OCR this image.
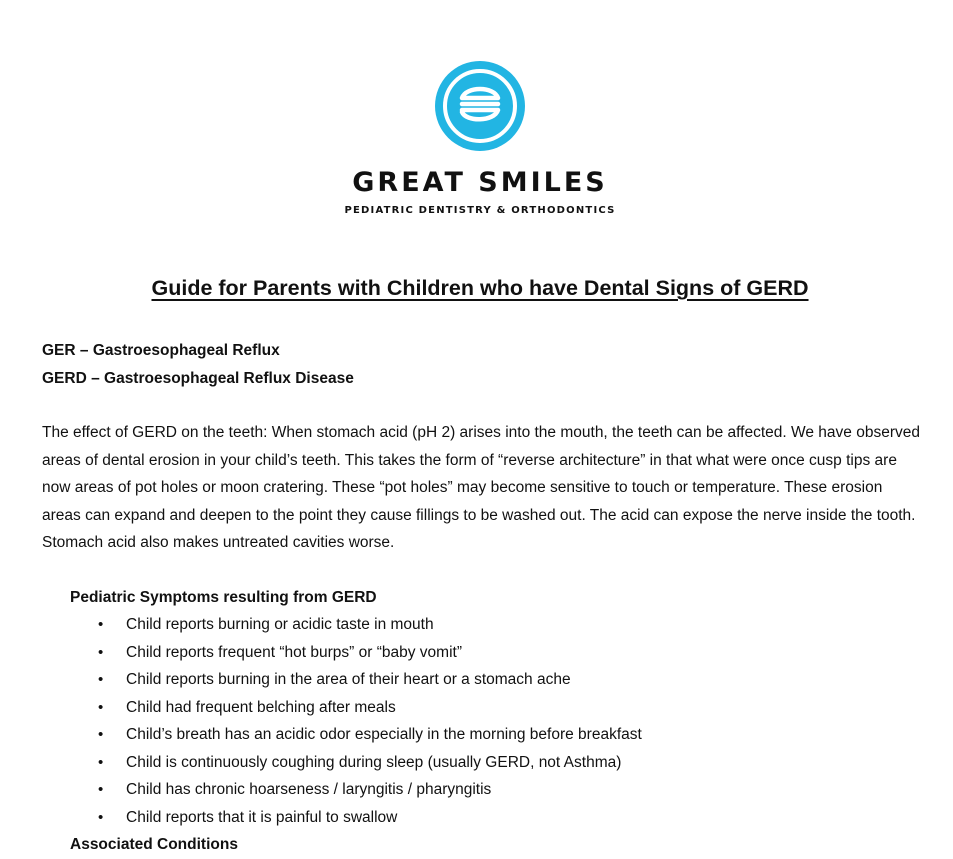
GREAT SMILES
PEDIATRIC DENTISTRY & ORTHODONTICS
Guide for Parents with Children who have Dental Signs of GERD
GER – Gastroesophageal Reflux
GERD – Gastroesophageal Reflux Disease

The effect of GERD on the teeth: When stomach acid (pH 2) arises into the mouth, the teeth can be affected. We have observed areas of dental erosion in your child’s teeth. This takes the form of “reverse architecture” in that what were once cusp tips are now areas of pot holes or moon cratering. These “pot holes” may become sensitive to touch or temperature. These erosion areas can expand and deepen to the point they cause fillings to be washed out. The acid can expose the nerve inside the tooth. Stomach acid also makes untreated cavities worse.

Pediatric Symptoms resulting from GERD
• Child reports burning or acidic taste in mouth
• Child reports frequent “hot burps” or “baby vomit”
• Child reports burning in the area of their heart or a stomach ache
• Child had frequent belching after meals
• Child’s breath has an acidic odor especially in the morning before breakfast
• Child is continuously coughing during sleep (usually GERD, not Asthma)
• Child has chronic hoarseness / laryngitis / pharyngitis
• Child reports that it is painful to swallow
Associated Conditions
